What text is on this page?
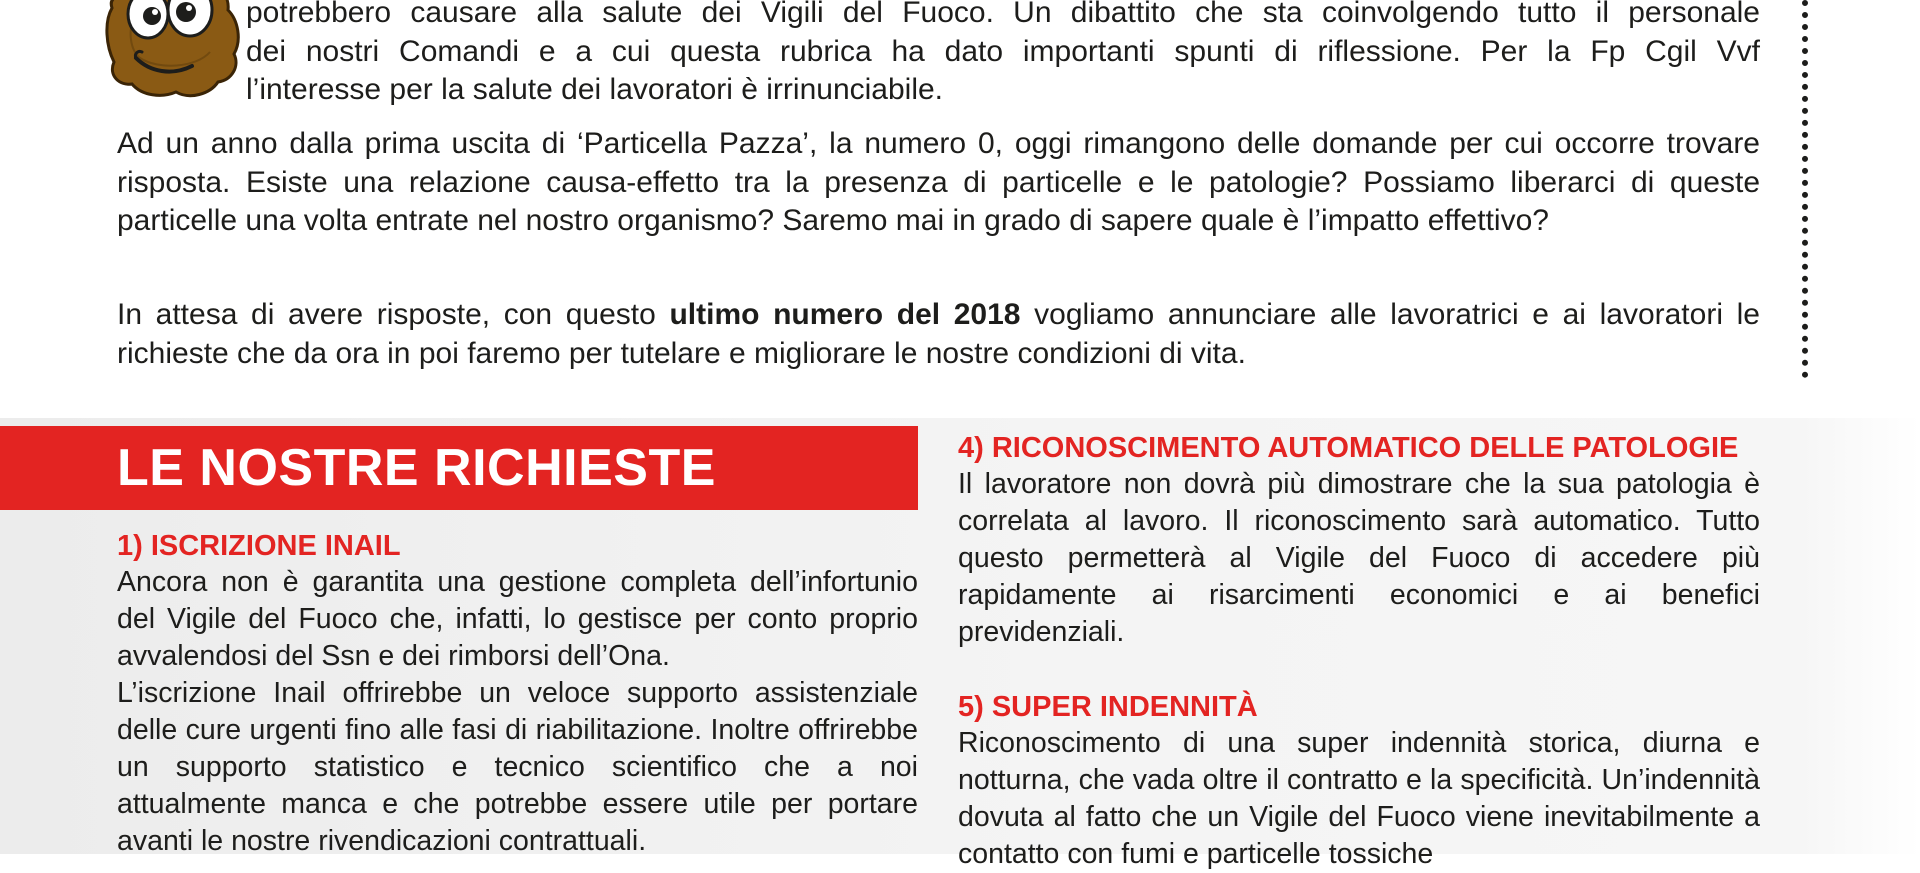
potrebbero causare alla salute dei Vigili del Fuoco. Un dibattito che sta coinvolgendo tutto il personale

dei nostri Comandi e a cui questa rubrica ha dato importanti spunti di riflessione. Per la Fp Cgil Vvf

l’interesse per la salute dei lavoratori è irrinunciabile.

Ad un anno dalla prima uscita di ‘Particella Pazza’, la numero 0, oggi rimangono delle domande per cui occorre trovare risposta. Esiste una relazione causa-effetto tra la presenza di particelle e le patologie? Possiamo liberarci di queste particelle una volta entrate nel nostro organismo? Saremo mai in grado di sapere quale è l’impatto effettivo?
In attesa di avere risposte, con questo ultimo numero del 2018 vogliamo annunciare alle lavoratrici e ai lavoratori le richieste che da ora in poi faremo per tutelare e migliorare le nostre condizioni di vita.
LE NOSTRE RICHIESTE
1) ISCRIZIONE INAIL

Ancora non è garantita una gestione completa dell’infortunio del Vigile del Fuoco che, infatti, lo gestisce per conto proprio avvalendosi del Ssn e dei rimborsi dell’Ona.

L’iscrizione Inail offrirebbe un veloce supporto assistenziale delle cure urgenti fino alle fasi di riabilitazione. Inoltre offrirebbe un supporto statistico e tecnico scientifico che a noi attualmente manca e che potrebbe essere utile per portare avanti le nostre rivendicazioni contrattuali.

4) RICONOSCIMENTO AUTOMATICO DELLE PATOLOGIE

Il lavoratore non dovrà più dimostrare che la sua patologia è correlata al lavoro. Il riconoscimento sarà automatico. Tutto questo permetterà al Vigile del Fuoco di accedere più rapidamente ai risarcimenti economici e ai benefici previdenziali.

5) SUPER INDENNITÀ

Riconoscimento di una super indennità storica, diurna e notturna, che vada oltre il contratto e la specificità. Un’indennità dovuta al fatto che un Vigile del Fuoco viene inevitabilmente a contatto con fumi e particelle tossiche
